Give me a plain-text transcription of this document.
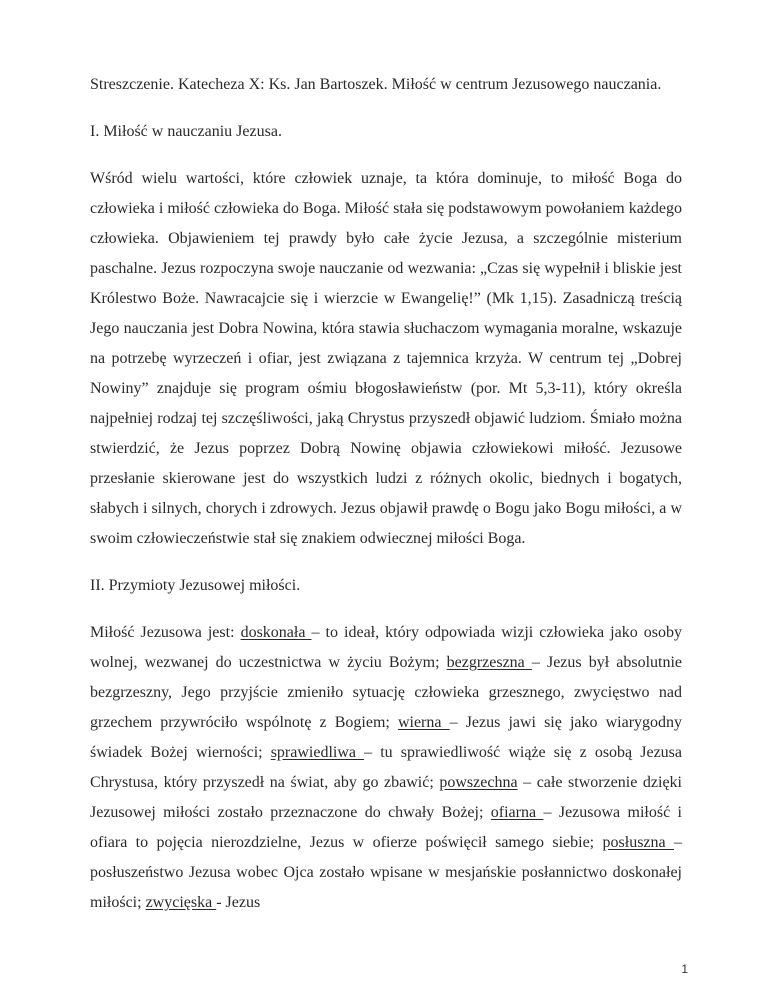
Streszczenie. Katecheza X: Ks. Jan Bartoszek. Miłość w centrum Jezusowego nauczania.

I. Miłość w nauczaniu Jezusa.

Wśród wielu wartości, które człowiek uznaje, ta która dominuje, to miłość Boga do człowieka i miłość człowieka do Boga. Miłość stała się podstawowym powołaniem każdego człowieka. Objawieniem tej prawdy było całe życie Jezusa, a szczególnie misterium paschalne. Jezus rozpoczyna swoje nauczanie od wezwania: „Czas się wypełnił i bliskie jest Królestwo Boże. Nawracajcie się i wierzcie w Ewangelię!” (Mk 1,15). Zasadniczą treścią Jego nauczania jest Dobra Nowina, która stawia słuchaczom wymagania moralne, wskazuje na potrzebę wyrzeczeń i ofiar, jest związana z tajemnica krzyża. W centrum tej „Dobrej Nowiny” znajduje się program ośmiu błogosławieństw (por. Mt 5,3-11), który określa najpełniej rodzaj tej szczęśliwości, jaką Chrystus przyszedł objawić ludziom. Śmiało można stwierdzić, że Jezus poprzez Dobrą Nowinę objawia człowiekowi miłość. Jezusowe przesłanie skierowane jest do wszystkich ludzi z różnych okolic, biednych i bogatych, słabych i silnych, chorych i zdrowych. Jezus objawił prawdę o Bogu jako Bogu miłości, a w swoim człowieczeństwie stał się znakiem odwiecznej miłości Boga.

II. Przymioty Jezusowej miłości.

Miłość Jezusowa jest: doskonała – to ideał, który odpowiada wizji człowieka jako osoby wolnej, wezwanej do uczestnictwa w życiu Bożym; bezgrzeszna – Jezus był absolutnie bezgrzeszny, Jego przyjście zmieniło sytuację człowieka grzesznego, zwycięstwo nad grzechem przywróciło wspólnotę z Bogiem; wierna – Jezus jawi się jako wiarygodny świadek Bożej wierności; sprawiedliwa – tu sprawiedliwość wiąże się z osobą Jezusa Chrystusa, który przyszedł na świat, aby go zbawić; powszechna – całe stworzenie dzięki Jezusowej miłości zostało przeznaczone do chwały Bożej; ofiarna – Jezusowa miłość i ofiara to pojęcia nierozdzielne, Jezus w ofierze poświęcił samego siebie; posłuszna – posłuszeństwo Jezusa wobec Ojca zostało wpisane w mesjańskie posłannictwo doskonałej miłości; zwycięska - Jezus

1
